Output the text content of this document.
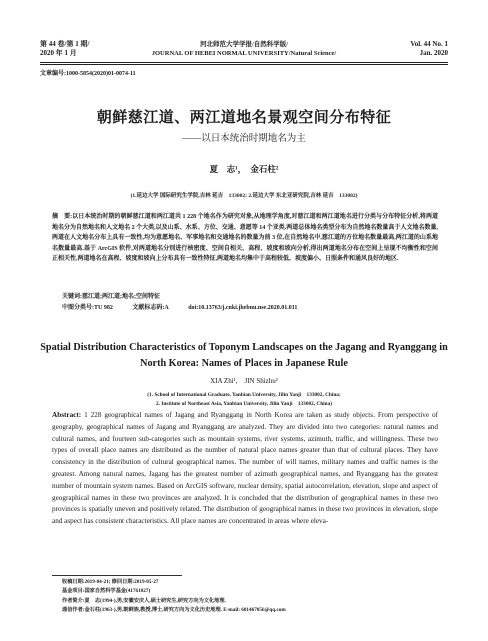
第 44 卷/第 1 期/
2020 年 1 月
河北师范大学学报/自然科学版/
JOURNAL OF HEBEI NORMAL UNIVERSITY/Natural Science/
Vol. 44 No. 1
Jan. 2020
文章编号:1000-5854(2020)01-0074-11
朝鲜慈江道、两江道地名景观空间分布特征
——以日本统治时期地名为主
夏　志¹，　金石柱²
(1.延边大学 国际研究生学院,吉林 延吉　133002; 2.延边大学 东北亚研究院,吉林 延吉　133002)

摘　要:以日本统治时期的朝鲜慈江道和两江道共 1 228 个地名作为研究对象,从地理学角度,对慈江道和两江道地名进行分类与分布特征分析,将两道地名分为自然地名和人文地名 2 个大类,以及山系、水系、方位、交通、意愿等 14 个亚类.两道总体地名类型分布为自然地名数量高于人文地名数量,两道在人文地名分布上具有一致性,均为意愿地名、军事地名和交通地名的数量为前 3 位,在自然地名中,慈江道的方位地名数量最高,两江道的山系地名数量最高.基于 ArcGIS 软件,对两道地名分别进行核密度、空间自相关、高程、坡度和坡向分析,得出两道地名分布在空间上呈现不均衡性和空间正相关性,两道地名在高程、坡度和坡向上分布具有一致性特征,两道地名均集中于高程较低、坡度偏小、日照条件和通风良好的地区.

关键词:慈江道;两江道;地名;空间特征
中图分类号:TU 982	文献标志码:A	doi:10.13763/j.cnki.jhebnu.nse.2020.01.011
Spatial Distribution Characteristics of Toponym Landscapes on the Jagang and Ryanggang in North Korea: Names of Places in Japanese Rule
XIA Zhi¹,　JIN Shizhu²
(1. School of International Graduate, Yanbian University, Jilin Yanji　133002, China;
2. Institute of Northeast Asia, Yanbian University, Jilin Yanji　133002, China)
Abstract: 1 228 geographical names of Jagang and Ryanggang in North Korea are taken as study objects. From perspective of geography, geographical names of Jagang and Ryanggang are analyzed. They are divided into two categories: natural names and cultural names, and fourteen sub-categories such as mountain systems, river systems, azimuth, traffic, and willingness. These two types of overall place names are distributed as the number of natural place names greater than that of cultural places. They have consistency in the distribution of cultural geographical names. The number of will names, military names and traffic names is the greatest. Among natural names, Jagang has the greatest number of azimuth geographical names, and Ryanggang has the greatest number of mountain system names. Based on ArcGIS software, nuclear density, spatial autocorrelation, elevation, slope and aspect of geographical names in these two provinces are analyzed. It is concluded that the distribution of geographical names in these two provinces is spatially uneven and positively related. The distribution of geographical names in these two provinces in elevation, slope and aspect has consistent characteristics. All place names are concentrated in areas where eleva-
收稿日期:2019-04-21; 修回日期:2019-05-27
基金项目:国家自然科学基金(41761027)
作者简介:夏　志(1994-),男,安徽安庆人,硕士研究生,研究方向为文化地理.
通信作者:金石柱(1963-),男,朝鲜族,教授,博士,研究方向为文化历史地理. E-mail: 601467056@qq.com
